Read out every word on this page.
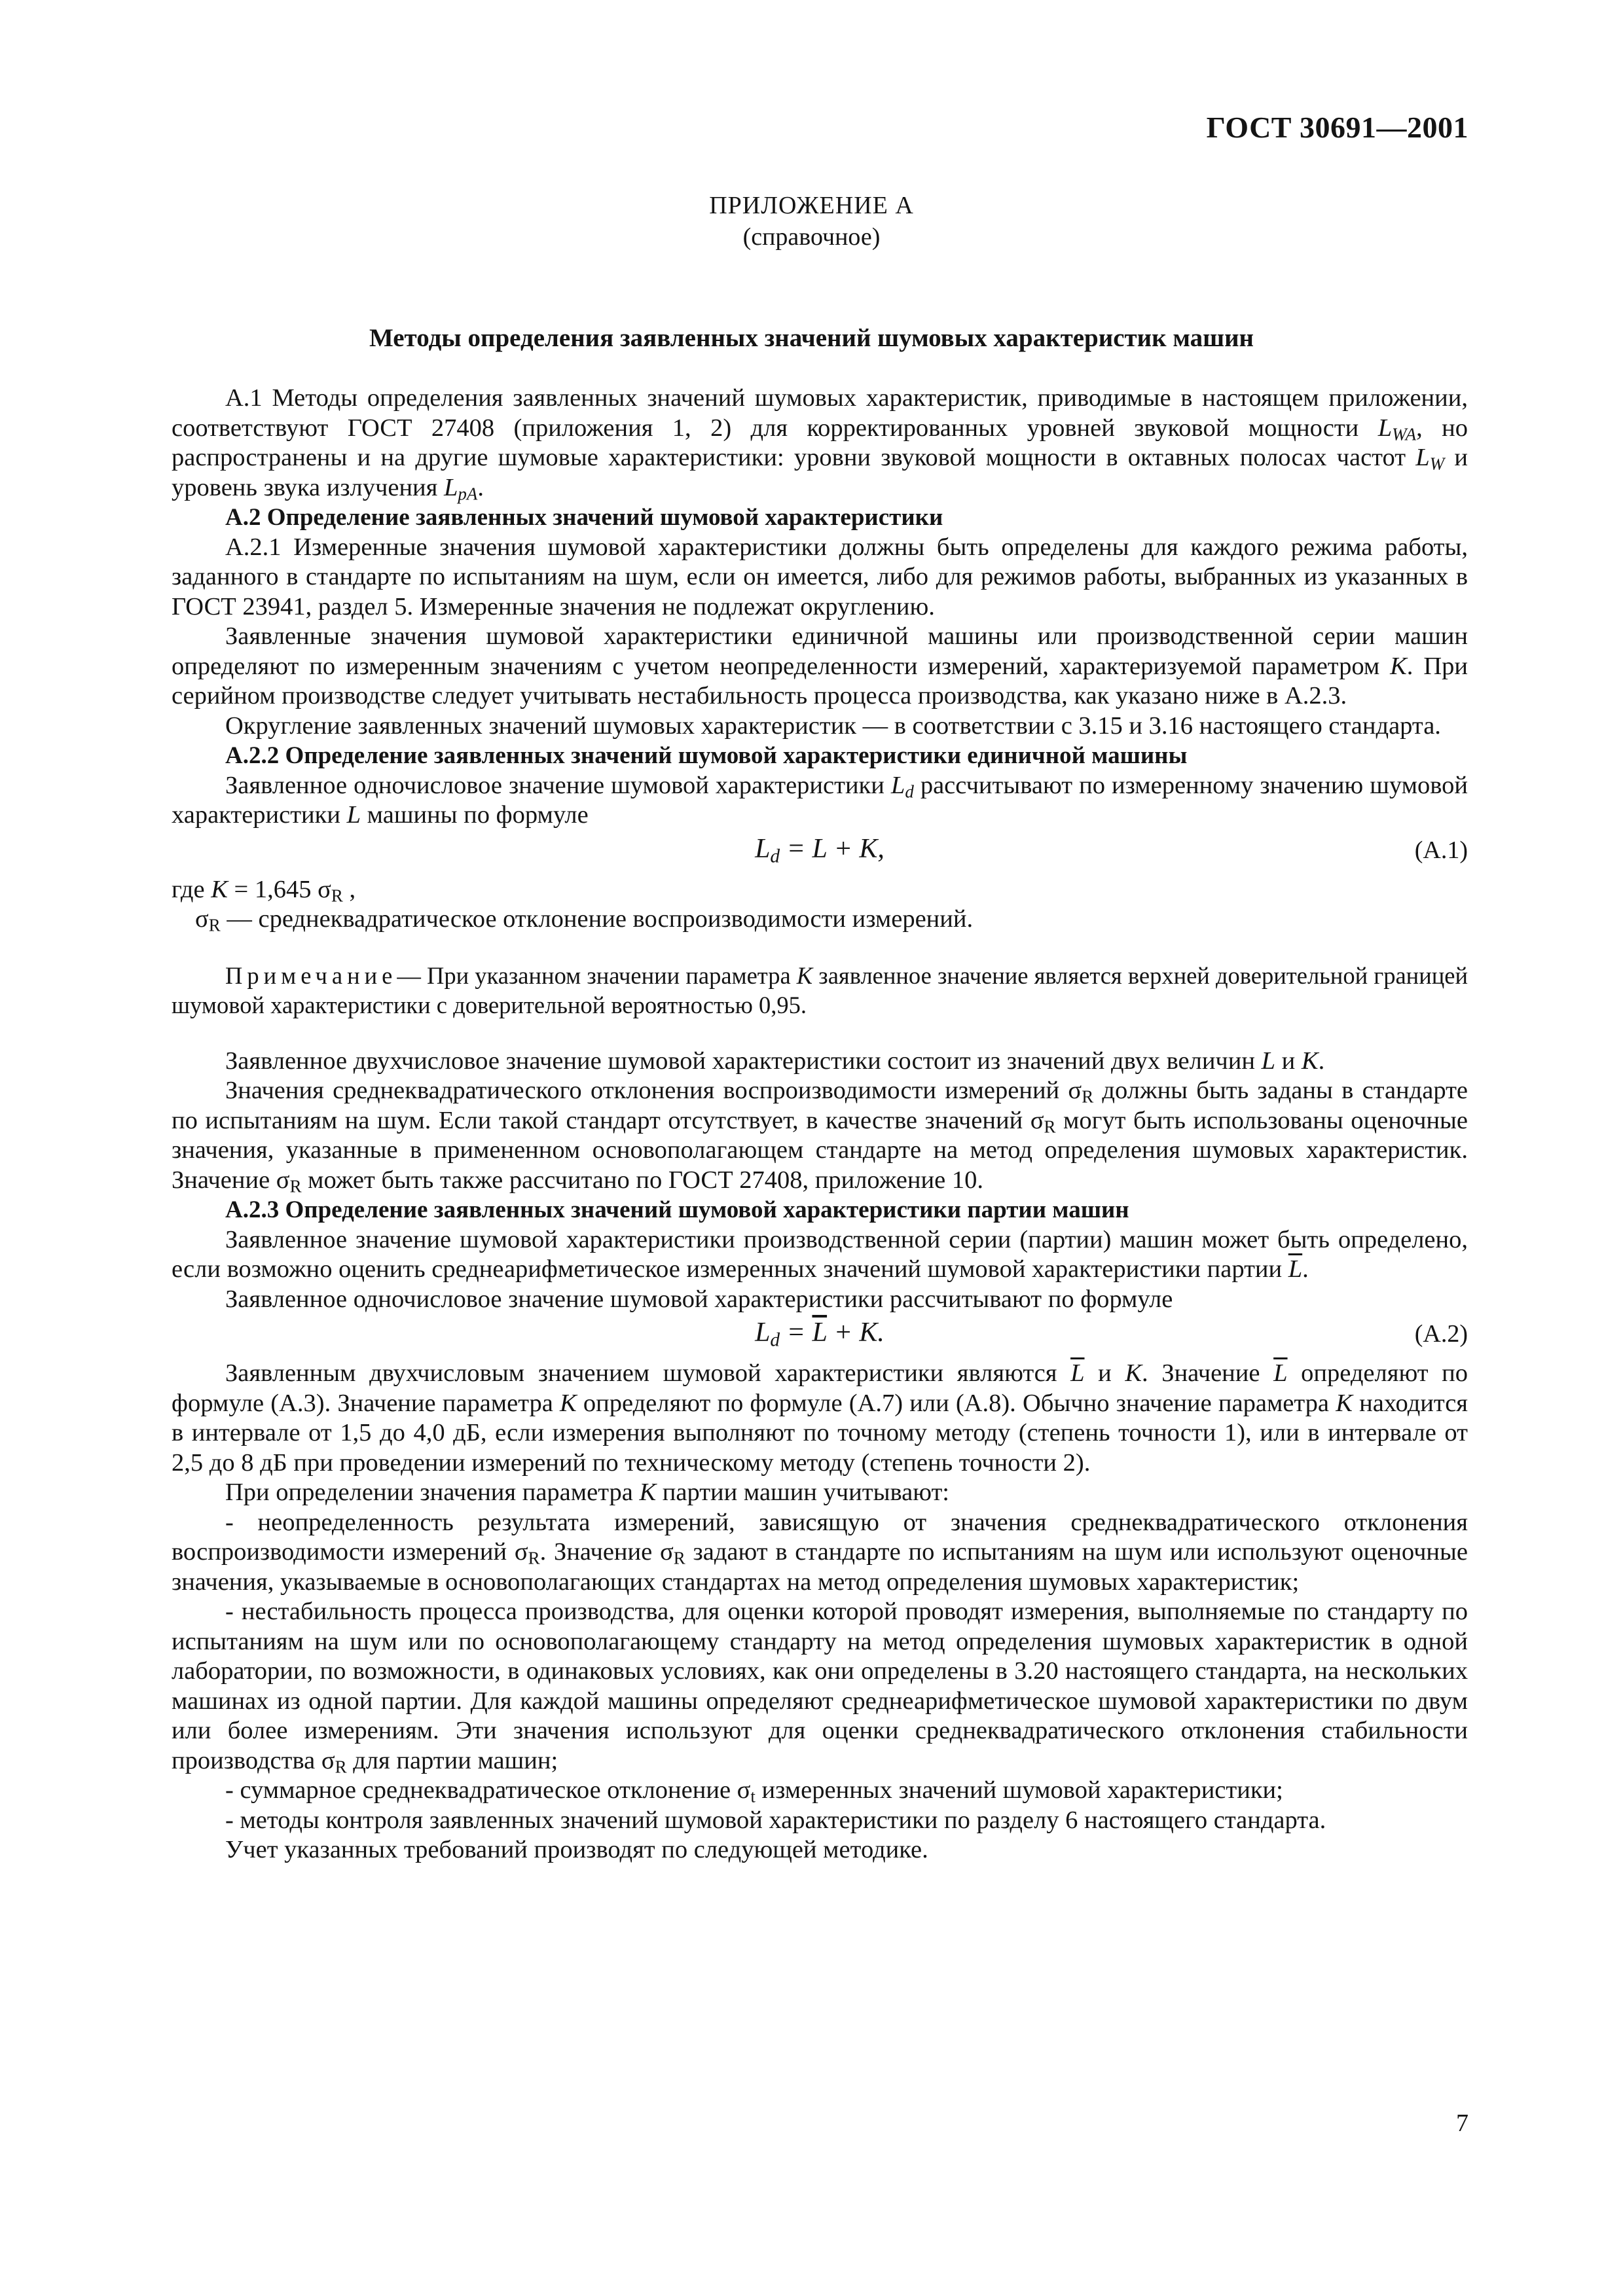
ГОСТ 30691—2001
ПРИЛОЖЕНИЕ А
(справочное)
Методы определения заявленных значений шумовых характеристик машин

А.1 Методы определения заявленных значений шумовых характеристик, приводимые в настоящем приложении, соответствуют ГОСТ 27408 (приложения 1, 2) для корректированных уровней звуковой мощности $L_{WA}$, но распространены и на другие шумовые характеристики: уровни звуковой мощности в октавных полосах частот $L_W$ и уровень звука излучения $L_{pA}$.

А.2 Определение заявленных значений шумовой характеристики

А.2.1 Измеренные значения шумовой характеристики должны быть определены для каждого режима работы, заданного в стандарте по испытаниям на шум, если он имеется, либо для режимов работы, выбранных из указанных в ГОСТ 23941, раздел 5. Измеренные значения не подлежат округлению.

Заявленные значения шумовой характеристики единичной машины или производственной серии машин определяют по измеренным значениям с учетом неопределенности измерений, характеризуемой параметром K. При серийном производстве следует учитывать нестабильность процесса производства, как указано ниже в А.2.3.

Округление заявленных значений шумовых характеристик — в соответствии с 3.15 и 3.16 настоящего стандарта.

А.2.2 Определение заявленных значений шумовой характеристики единичной машины

Заявленное одночисловое значение шумовой характеристики $L_d$ рассчитывают по измеренному значению шумовой характеристики L машины по формуле

$L_d = L + K$,	(А.1)

где K = 1,645 $\sigma_R$ ,

$\sigma_R$ — среднеквадратическое отклонение воспроизводимости измерений.

Примечание— При указанном значении параметра K заявленное значение является верхней доверительной границей шумовой характеристики с доверительной вероятностью 0,95.

Заявленное двухчисловое значение шумовой характеристики состоит из значений двух величин L и K.

Значения среднеквадратического отклонения воспроизводимости измерений $\sigma_R$ должны быть заданы в стандарте по испытаниям на шум. Если такой стандарт отсутствует, в качестве значений $\sigma_R$ могут быть использованы оценочные значения, указанные в примененном основополагающем стандарте на метод определения шумовых характеристик. Значение $\sigma_R$ может быть также рассчитано по ГОСТ 27408, приложение 10.

А.2.3 Определение заявленных значений шумовой характеристики партии машин

Заявленное значение шумовой характеристики производственной серии (партии) машин может быть определено, если возможно оценить среднеарифметическое измеренных значений шумовой характеристики партии $\overline{L}$.

Заявленное одночисловое значение шумовой характеристики рассчитывают по формуле

$L_d = \overline{L} + K$.	(А.2)

Заявленным двухчисловым значением шумовой характеристики являются $\overline{L}$ и K. Значение $\overline{L}$ определяют по формуле (А.3). Значение параметра K определяют по формуле (А.7) или (А.8). Обычно значение параметра K находится в интервале от 1,5 до 4,0 дБ, если измерения выполняют по точному методу (степень точности 1), или в интервале от 2,5 до 8 дБ при проведении измерений по техническому методу (степень точности 2).

При определении значения параметра K партии машин учитывают:

- неопределенность результата измерений, зависящую от значения среднеквадратического отклонения воспроизводимости измерений $\sigma_R$. Значение $\sigma_R$ задают в стандарте по испытаниям на шум или используют оценочные значения, указываемые в основополагающих стандартах на метод определения шумовых характеристик;

- нестабильность процесса производства, для оценки которой проводят измерения, выполняемые по стандарту по испытаниям на шум или по основополагающему стандарту на метод определения шумовых характеристик в одной лаборатории, по возможности, в одинаковых условиях, как они определены в 3.20 настоящего стандарта, на нескольких машинах из одной партии. Для каждой машины определяют среднеарифметическое шумовой характеристики по двум или более измерениям. Эти значения используют для оценки среднеквадратического отклонения стабильности производства $\sigma_R$ для партии машин;

- суммарное среднеквадратическое отклонение $\sigma_t$ измеренных значений шумовой характеристики;

- методы контроля заявленных значений шумовой характеристики по разделу 6 настоящего стандарта.

Учет указанных требований производят по следующей методике.

7
